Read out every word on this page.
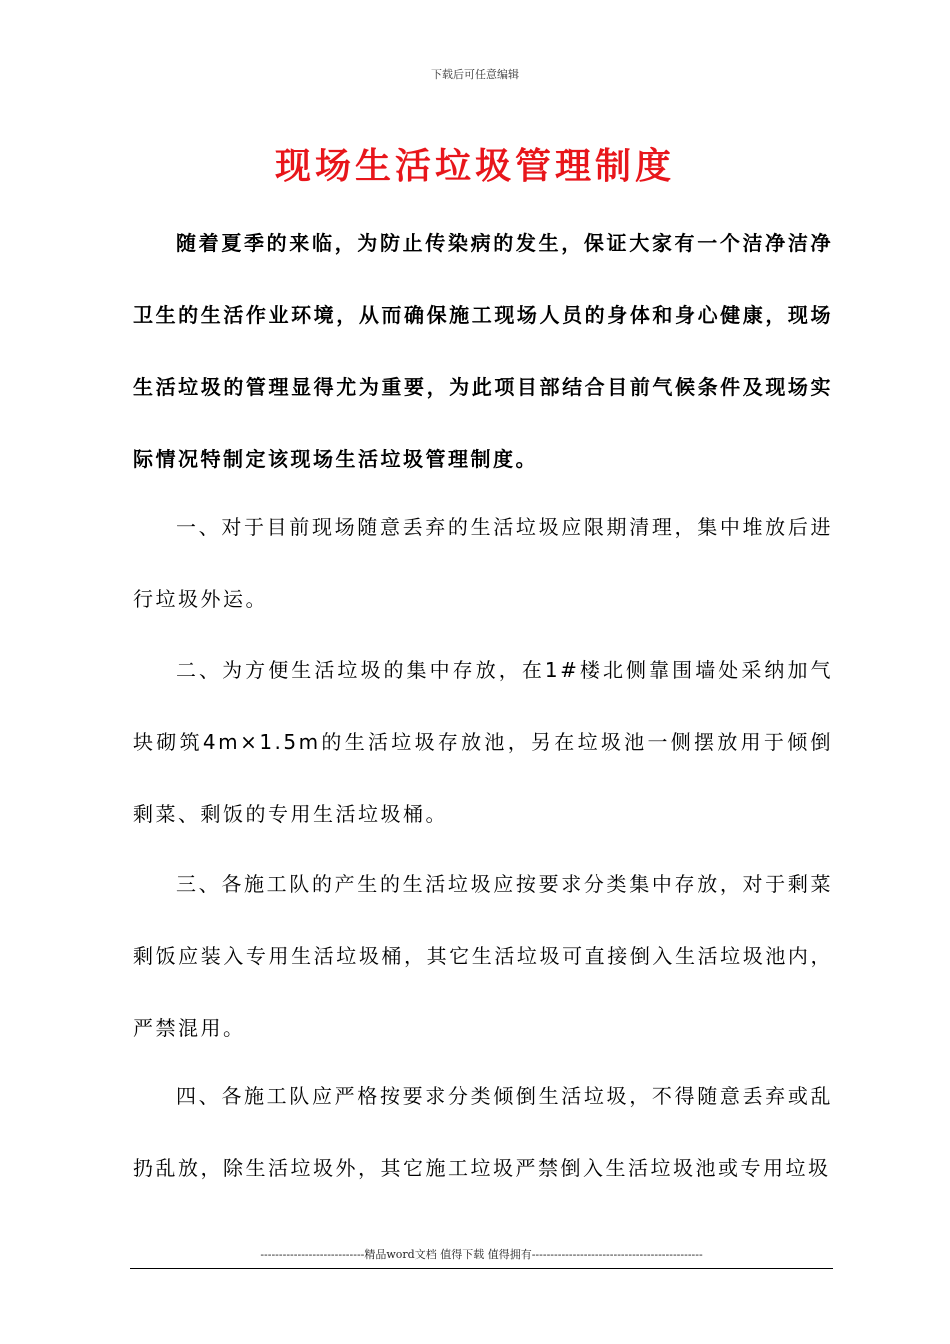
下载后可任意编辑
现场生活垃圾管理制度

随着夏季的来临，为防止传染病的发生，保证大家有一个洁净洁净卫生的生活作业环境，从而确保施工现场人员的身体和身心健康，现场生活垃圾的管理显得尤为重要，为此项目部结合目前气候条件及现场实际情况特制定该现场生活垃圾管理制度。

一、对于目前现场随意丢弃的生活垃圾应限期清理，集中堆放后进行垃圾外运。

二、为方便生活垃圾的集中存放，在1#楼北侧靠围墙处采纳加气块砌筑4m×1.5m的生活垃圾存放池，另在垃圾池一侧摆放用于倾倒剩菜、剩饭的专用生活垃圾桶。

三、各施工队的产生的生活垃圾应按要求分类集中存放，对于剩菜剩饭应装入专用生活垃圾桶，其它生活垃圾可直接倒入生活垃圾池内，严禁混用。

四、各施工队应严格按要求分类倾倒生活垃圾，不得随意丢弃或乱扔乱放，除生活垃圾外，其它施工垃圾严禁倒入生活垃圾池或专用垃圾

----------------------------精品word文档 值得下载 值得拥有----------------------------------------------
